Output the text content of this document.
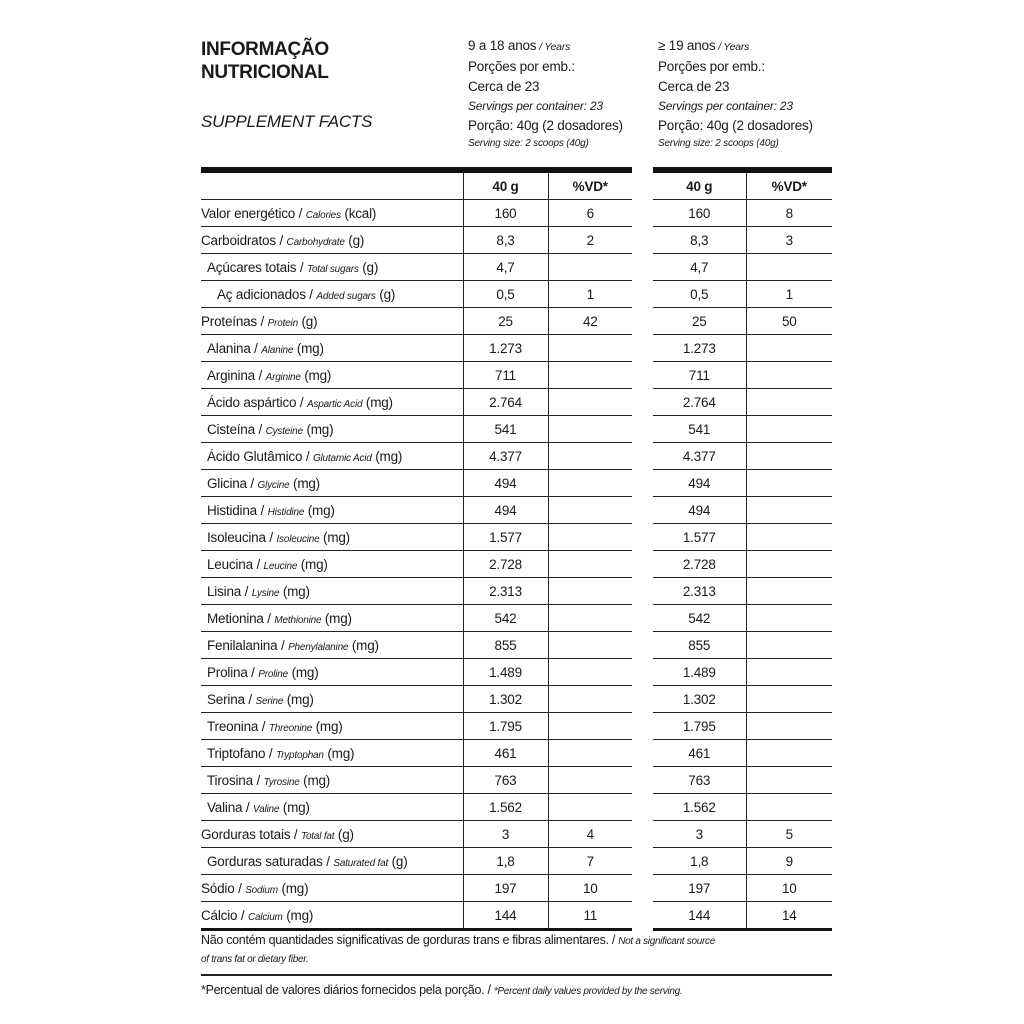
INFORMAÇÃO
NUTRICIONAL
SUPPLEMENT FACTS
9 a 18 anos / Years
Porções por emb.:
Cerca de 23
Servings per container: 23
Porção: 40g (2 dosadores)
Serving size: 2 scoops (40g)
≥ 19 anos / Years
Porções por emb.:
Cerca de 23
Servings per container: 23
Porção: 40g (2 dosadores)
Serving size: 2 scoops (40g)
	40 g	%VD*
Valor energético / Calories (kcal)	160	6
Carboidratos / Carbohydrate (g)	8,3	2
Açúcares totais / Total sugars (g)	4,7	
Aç adicionados / Added sugars (g)	0,5	1
Proteínas / Protein (g)	25	42
Alanina / Alanine (mg)	1.273	
Arginina / Arginine (mg)	711	
Ácido aspártico / Aspartic Acid (mg)	2.764	
Cisteína / Cysteine (mg)	541	
Ácido Glutâmico / Glutamic Acid (mg)	4.377	
Glicina / Glycine (mg)	494	
Histidina / Histidine (mg)	494	
Isoleucina / Isoleucine (mg)	1.577	
Leucina / Leucine (mg)	2.728	
Lisina / Lysine (mg)	2.313	
Metionina / Methionine (mg)	542	
Fenilalanina / Phenylalanine (mg)	855	
Prolina / Proline (mg)	1.489	
Serina / Serine (mg)	1.302	
Treonina / Threonine (mg)	1.795	
Triptofano / Tryptophan (mg)	461	
Tirosina / Tyrosine (mg)	763	
Valina / Valine (mg)	1.562	
Gorduras totais / Total fat (g)	3	4
Gorduras saturadas / Saturated fat (g)	1,8	7
Sódio / Sodium (mg)	197	10
Cálcio / Calcium (mg)	144	11
40 g	%VD*
160	8
8,3	3
4,7	
0,5	1
25	50
1.273	
711	
2.764	
541	
4.377	
494	
494	
1.577	
2.728	
2.313	
542	
855	
1.489	
1.302	
1.795	
461	
763	
1.562	
3	5
1,8	9
197	10
144	14
Não contém quantidades significativas de gorduras trans e fibras alimentares. / Not a significant source
of trans fat or dietary fiber.
*Percentual de valores diários fornecidos pela porção. / *Percent daily values provided by the serving.
